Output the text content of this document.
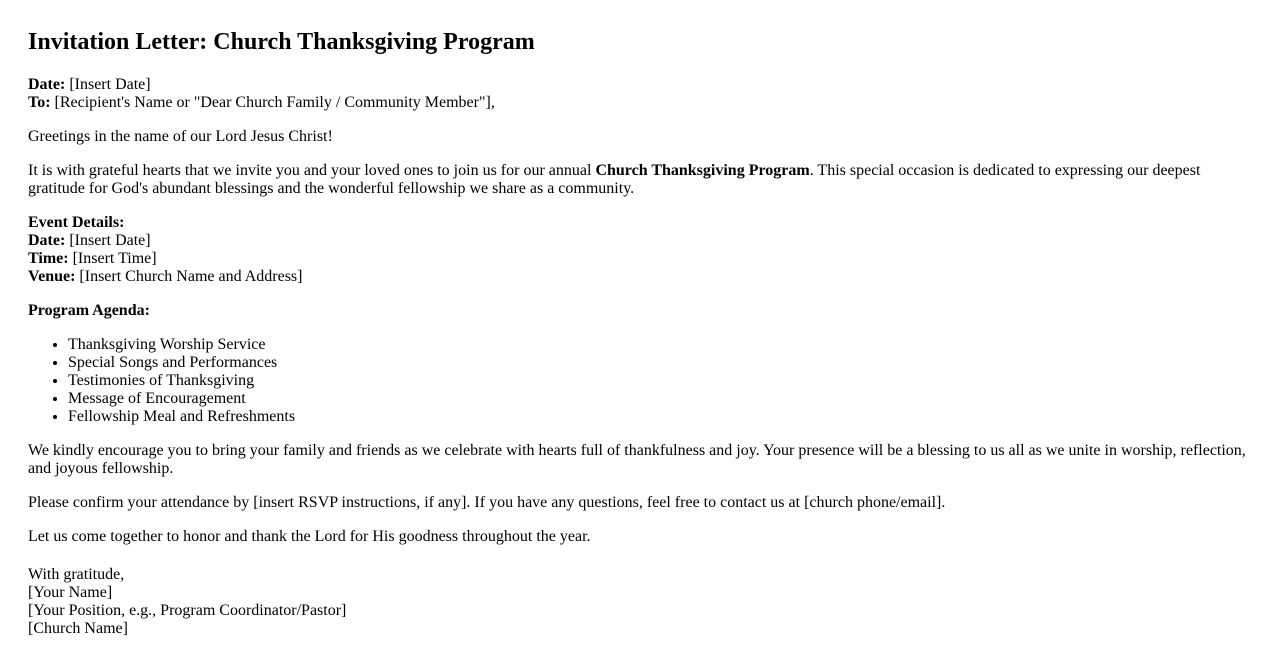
Invitation Letter: Church Thanksgiving Program

Date: [Insert Date]
To: [Recipient's Name or "Dear Church Family / Community Member"],

Greetings in the name of our Lord Jesus Christ!

It is with grateful hearts that we invite you and your loved ones to join us for our annual Church Thanksgiving Program. This special occasion is dedicated to expressing our deepest gratitude for God's abundant blessings and the wonderful fellowship we share as a community.

Event Details:
Date: [Insert Date]
Time: [Insert Time]
Venue: [Insert Church Name and Address]

Program Agenda:

• Thanksgiving Worship Service
• Special Songs and Performances
• Testimonies of Thanksgiving
• Message of Encouragement
• Fellowship Meal and Refreshments

We kindly encourage you to bring your family and friends as we celebrate with hearts full of thankfulness and joy. Your presence will be a blessing to us all as we unite in worship, reflection, and joyous fellowship.

Please confirm your attendance by [insert RSVP instructions, if any]. If you have any questions, feel free to contact us at [church phone/email].

Let us come together to honor and thank the Lord for His goodness throughout the year.

With gratitude,
[Your Name]
[Your Position, e.g., Program Coordinator/Pastor]
[Church Name]
